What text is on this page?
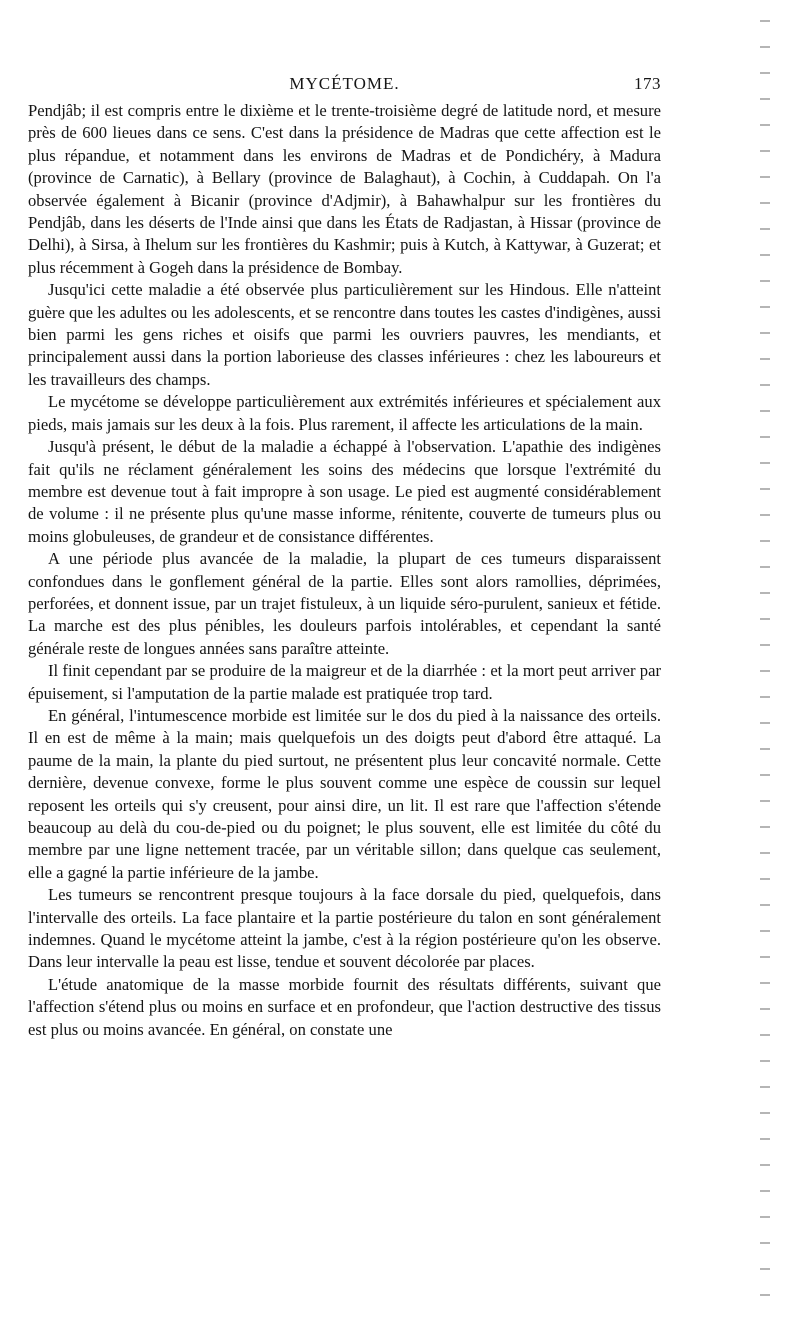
MYCÉTOME.	173

Pendjâb; il est compris entre le dixième et le trente-troisième degré de latitude nord, et mesure près de 600 lieues dans ce sens. C'est dans la présidence de Madras que cette affection est le plus répandue, et notamment dans les environs de Madras et de Pondichéry, à Madura (province de Carnatic), à Bellary (province de Balaghaut), à Cochin, à Cuddapah. On l'a observée également à Bicanir (province d'Adjmir), à Bahawhalpur sur les frontières du Pendjâb, dans les déserts de l'Inde ainsi que dans les États de Radjastan, à Hissar (province de Delhi), à Sirsa, à Ihelum sur les frontières du Kashmir; puis à Kutch, à Kattywar, à Guzerat; et plus récemment à Gogeh dans la présidence de Bombay.

Jusqu'ici cette maladie a été observée plus particulièrement sur les Hindous. Elle n'atteint guère que les adultes ou les adolescents, et se rencontre dans toutes les castes d'indigènes, aussi bien parmi les gens riches et oisifs que parmi les ouvriers pauvres, les mendiants, et principalement aussi dans la portion laborieuse des classes inférieures : chez les laboureurs et les travailleurs des champs.

Le mycétome se développe particulièrement aux extrémités inférieures et spécialement aux pieds, mais jamais sur les deux à la fois. Plus rarement, il affecte les articulations de la main.

Jusqu'à présent, le début de la maladie a échappé à l'observation. L'apathie des indigènes fait qu'ils ne réclament généralement les soins des médecins que lorsque l'extrémité du membre est devenue tout à fait impropre à son usage. Le pied est augmenté considérablement de volume : il ne présente plus qu'une masse informe, rénitente, couverte de tumeurs plus ou moins globuleuses, de grandeur et de consistance différentes.

A une période plus avancée de la maladie, la plupart de ces tumeurs disparaissent confondues dans le gonflement général de la partie. Elles sont alors ramollies, déprimées, perforées, et donnent issue, par un trajet fistuleux, à un liquide séro-purulent, sanieux et fétide. La marche est des plus pénibles, les douleurs parfois intolérables, et cependant la santé générale reste de longues années sans paraître atteinte.

Il finit cependant par se produire de la maigreur et de la diarrhée : et la mort peut arriver par épuisement, si l'amputation de la partie malade est pratiquée trop tard.

En général, l'intumescence morbide est limitée sur le dos du pied à la naissance des orteils. Il en est de même à la main; mais quelquefois un des doigts peut d'abord être attaqué. La paume de la main, la plante du pied surtout, ne présentent plus leur concavité normale. Cette dernière, devenue convexe, forme le plus souvent comme une espèce de coussin sur lequel reposent les orteils qui s'y creusent, pour ainsi dire, un lit. Il est rare que l'affection s'étende beaucoup au delà du cou-de-pied ou du poignet; le plus souvent, elle est limitée du côté du membre par une ligne nettement tracée, par un véritable sillon; dans quelque cas seulement, elle a gagné la partie inférieure de la jambe.

Les tumeurs se rencontrent presque toujours à la face dorsale du pied, quelquefois, dans l'intervalle des orteils. La face plantaire et la partie postérieure du talon en sont généralement indemnes. Quand le mycétome atteint la jambe, c'est à la région postérieure qu'on les observe. Dans leur intervalle la peau est lisse, tendue et souvent décolorée par places.

L'étude anatomique de la masse morbide fournit des résultats différents, suivant que l'affection s'étend plus ou moins en surface et en profondeur, que l'action destructive des tissus est plus ou moins avancée. En général, on constate une
